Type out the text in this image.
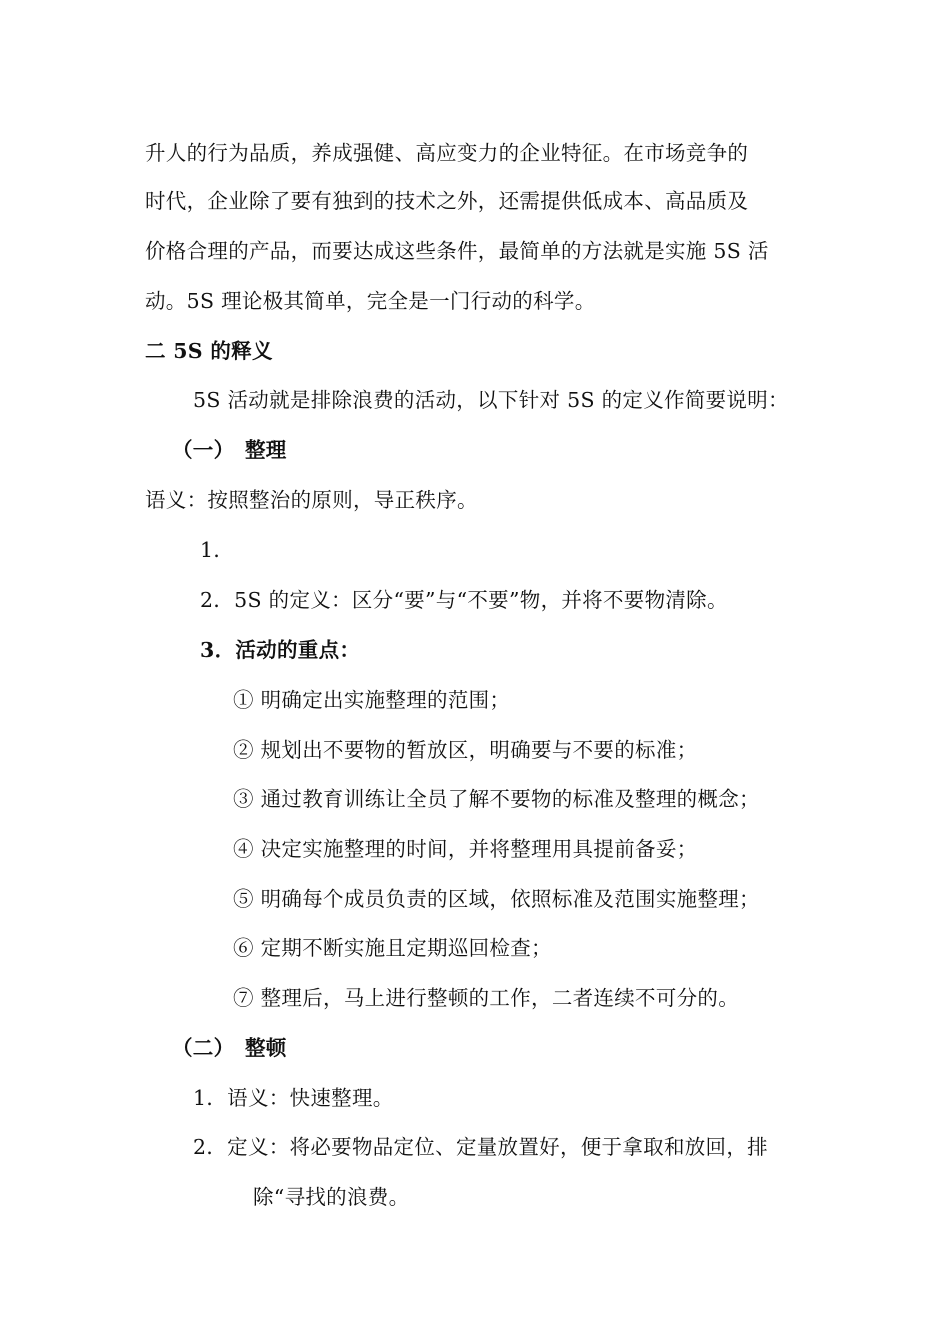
升人的行为品质，养成强健、高应变力的企业特征。在市场竞争的
时代，企业除了要有独到的技术之外，还需提供低成本、高品质及
价格合理的产品，而要达成这些条件，最简单的方法就是实施 5S 活
动。5S 理论极其简单，完全是一门行动的科学。
二 5S 的释义
5S 活动就是排除浪费的活动，以下针对 5S 的定义作简要说明：
（一） 整理
语义：按照整治的原则，导正秩序。
1．
2．5S 的定义：区分“要”与“不要”物，并将不要物清除。
3．活动的重点：
① 明确定出实施整理的范围；
② 规划出不要物的暂放区，明确要与不要的标准；
③ 通过教育训练让全员了解不要物的标准及整理的概念；
④ 决定实施整理的时间，并将整理用具提前备妥；
⑤ 明确每个成员负责的区域，依照标准及范围实施整理；
⑥ 定期不断实施且定期巡回检查；
⑦ 整理后，马上进行整顿的工作，二者连续不可分的。
（二） 整顿
1．语义：快速整理。
2．定义：将必要物品定位、定量放置好，便于拿取和放回，排
除“寻找的浪费。
